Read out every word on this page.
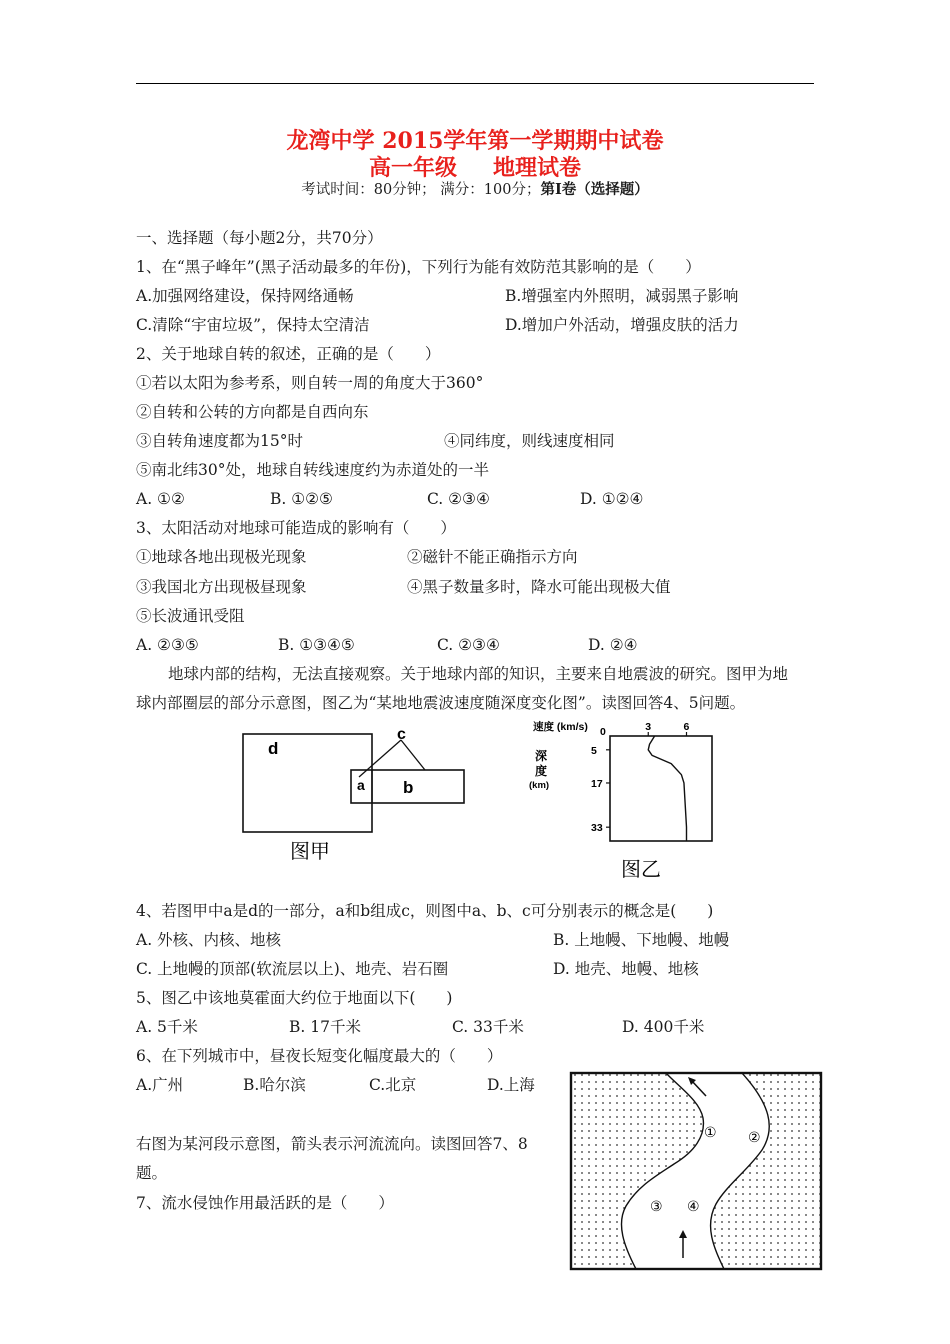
龙湾中学 2015学年第一学期期中试卷
高一年级 地理试卷
考试时间：80分钟； 满分：100分；第Ⅰ卷（选择题）
一、选择题（每小题2分，共70分）
1、在“黑子峰年”(黑子活动最多的年份)，下列行为能有效防范其影响的是（　　）
A.加强网络建设，保持网络通畅	B.增强室内外照明，减弱黑子影响
C.清除“宇宙垃圾”，保持太空清洁	D.增加户外活动，增强皮肤的活力
2、关于地球自转的叙述，正确的是（　　）
①若以太阳为参考系，则自转一周的角度大于360°
②自转和公转的方向都是自西向东
③自转角速度都为15°时	④同纬度，则线速度相同
⑤南北纬30°处，地球自转线速度约为赤道处的一半
A. ①②	B. ①②⑤	C. ②③④	D. ①②④
3、太阳活动对地球可能造成的影响有（　　）
①地球各地出现极光现象	②磁针不能正确指示方向
③我国北方出现极昼现象	④黑子数量多时，降水可能出现极大值
⑤长波通讯受阻
A. ②③⑤	B. ①③④⑤	C. ②③④	D. ②④
地球内部的结构，无法直接观察。关于地球内部的知识，主要来自地震波的研究。图甲为地
球内部圈层的部分示意图，图乙为“某地地震波速度随深度变化图”。读图回答4、5问题。
d
a b
c
图甲
速度 (km/s)
深
度
(km)
0	3	6
5
17
33
图乙
4、若图甲中a是d的一部分，a和b组成c，则图中a、b、c可分别表示的概念是(　　)
A. 外核、内核、地核	B. 上地幔、下地幔、地幔
C. 上地幔的顶部(软流层以上)、地壳、岩石圈	D. 地壳、地幔、地核
5、图乙中该地莫霍面大约位于地面以下(　　)
A. 5千米	B. 17千米	C. 33千米	D. 400千米
6、在下列城市中，昼夜长短变化幅度最大的（　　）
A.广州	B.哈尔滨	C.北京	D.上海
右图为某河段示意图，箭头表示河流流向。读图回答7、8
题。
7、流水侵蚀作用最活跃的是（　　）
① ②
③ ④
